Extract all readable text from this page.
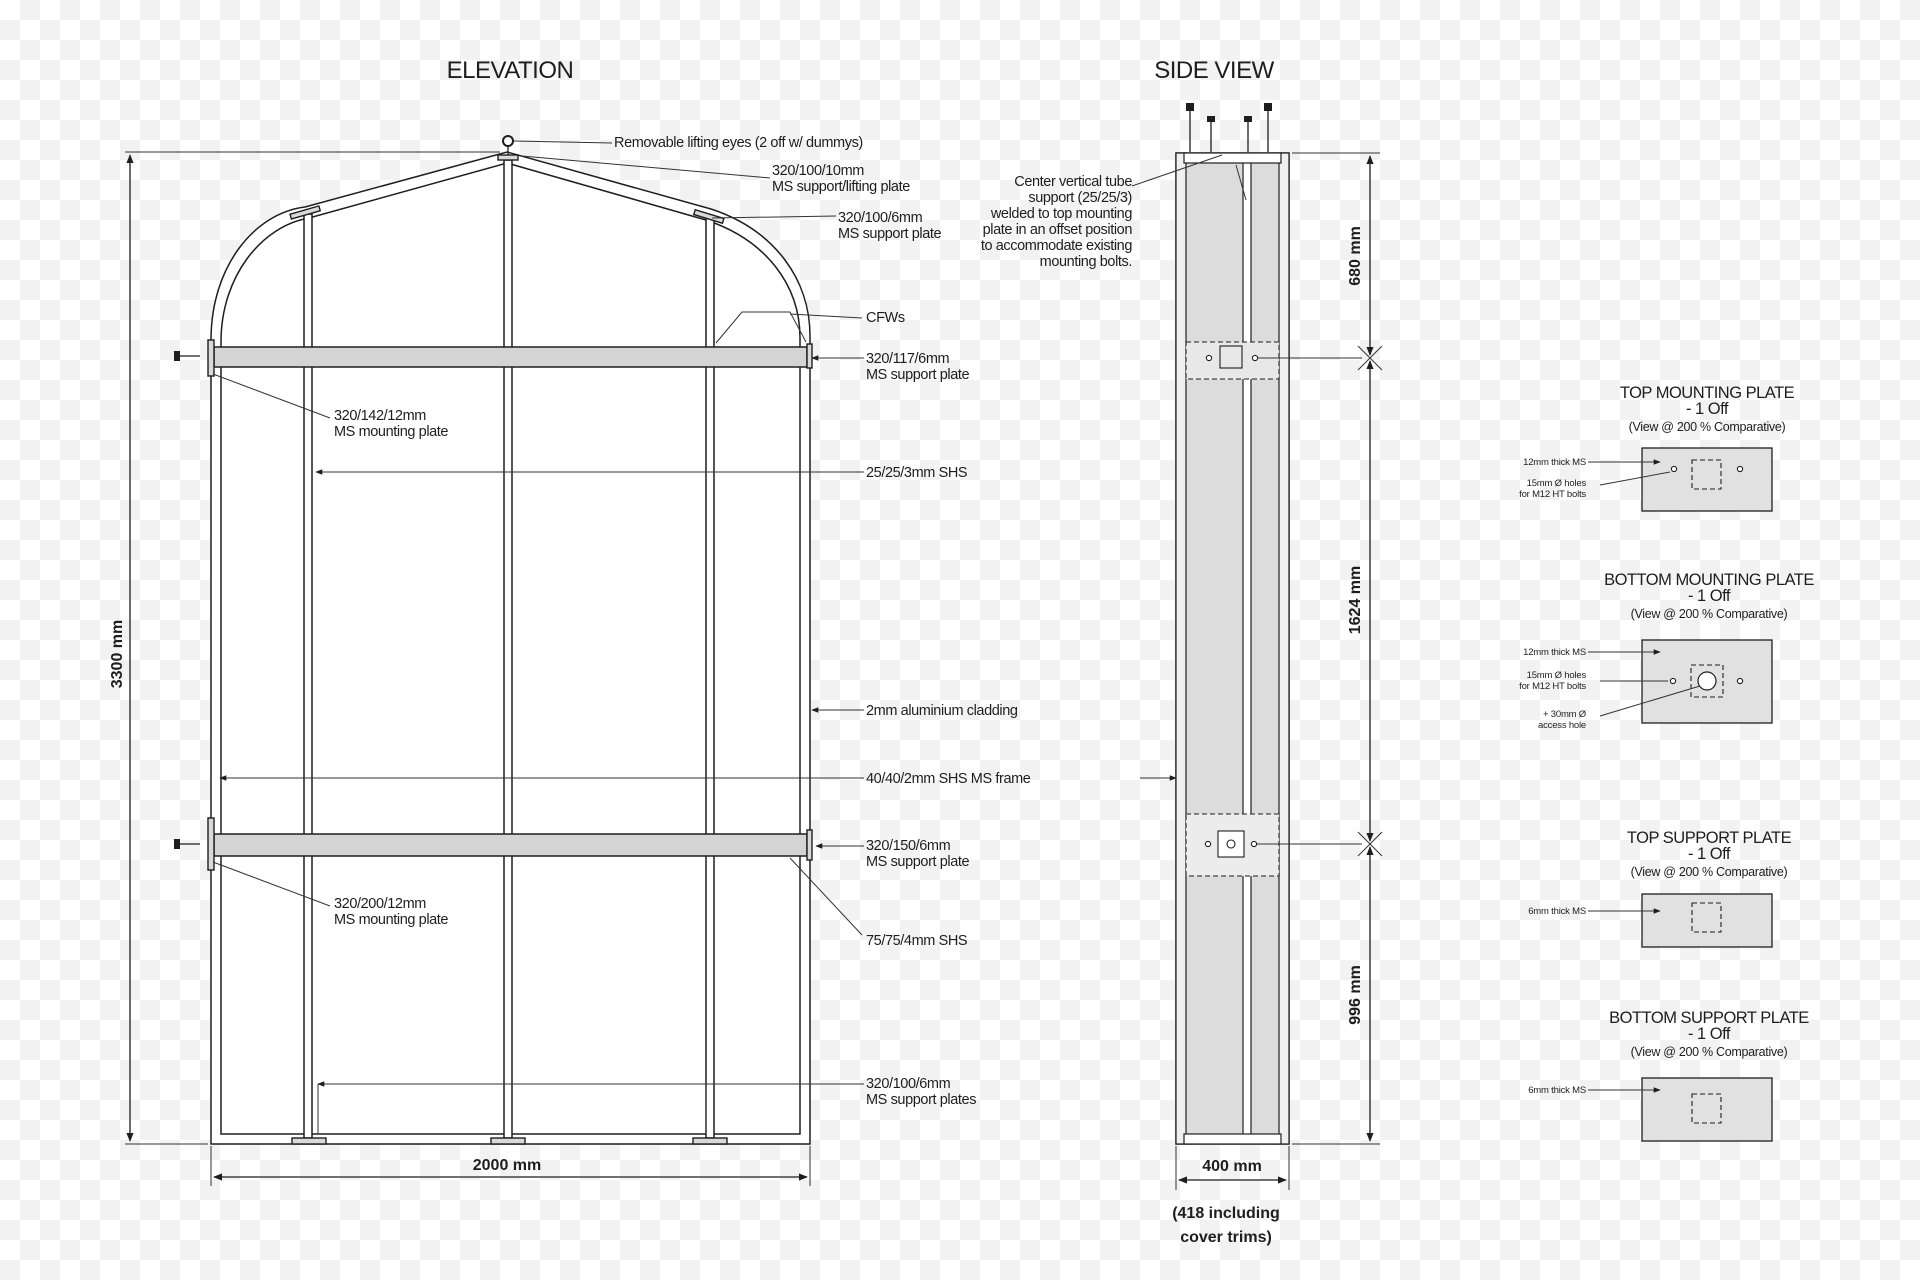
ELEVATION	SIDE VIEW
Removable lifting eyes (2 off w/ dummys)
320/100/10mm
MS support/lifting plate
320/100/6mm
MS support plate
CFWs
320/117/6mm
MS support plate
320/142/12mm
MS mounting plate
25/25/3mm SHS
2mm aluminium cladding
40/40/2mm SHS MS frame
320/150/6mm
MS support plate
320/200/12mm
MS mounting plate
75/75/4mm SHS
320/100/6mm
MS support plates
3300 mm
2000 mm
Center vertical tube
support (25/25/3)
welded to top mounting
plate in an offset position
to accommodate existing
mounting bolts.	680 mm
1624 mm
996 mm
400 mm
(418 including
cover trims)
TOP MOUNTING PLATE
- 1 Off
(View @ 200 % Comparative)
12mm thick MS
15mm Ø holes
for M12 HT bolts
BOTTOM MOUNTING PLATE
- 1 Off
(View @ 200 % Comparative)
12mm thick MS
15mm Ø holes
for M12 HT bolts
+ 30mm Ø
access hole
TOP SUPPORT PLATE
- 1 Off
(View @ 200 % Comparative)
6mm thick MS
BOTTOM SUPPORT PLATE
- 1 Off
(View @ 200 % Comparative)
6mm thick MS
